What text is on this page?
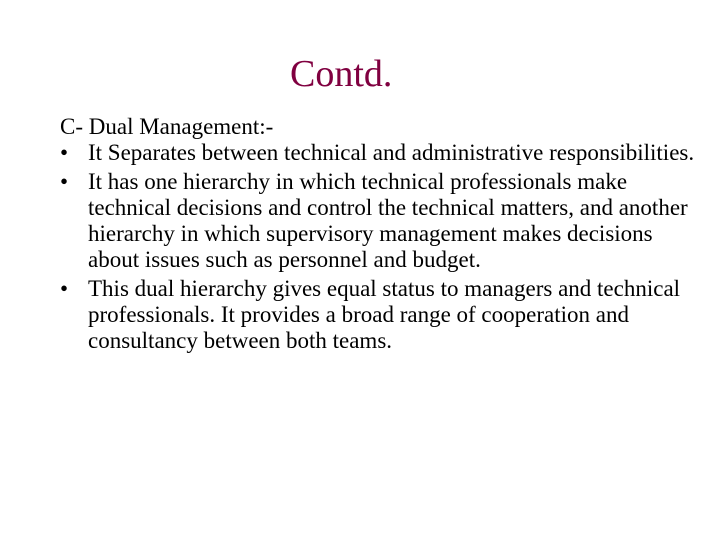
Contd.

C- Dual Management:-

• It Separates between technical and administrative responsibilities.
• It has one hierarchy in which technical professionals make technical decisions and control the technical matters, and another hierarchy in which supervisory management makes decisions about issues such as personnel and budget.
• This dual hierarchy gives equal status to managers and technical professionals. It provides a broad range of cooperation and consultancy between both teams.
